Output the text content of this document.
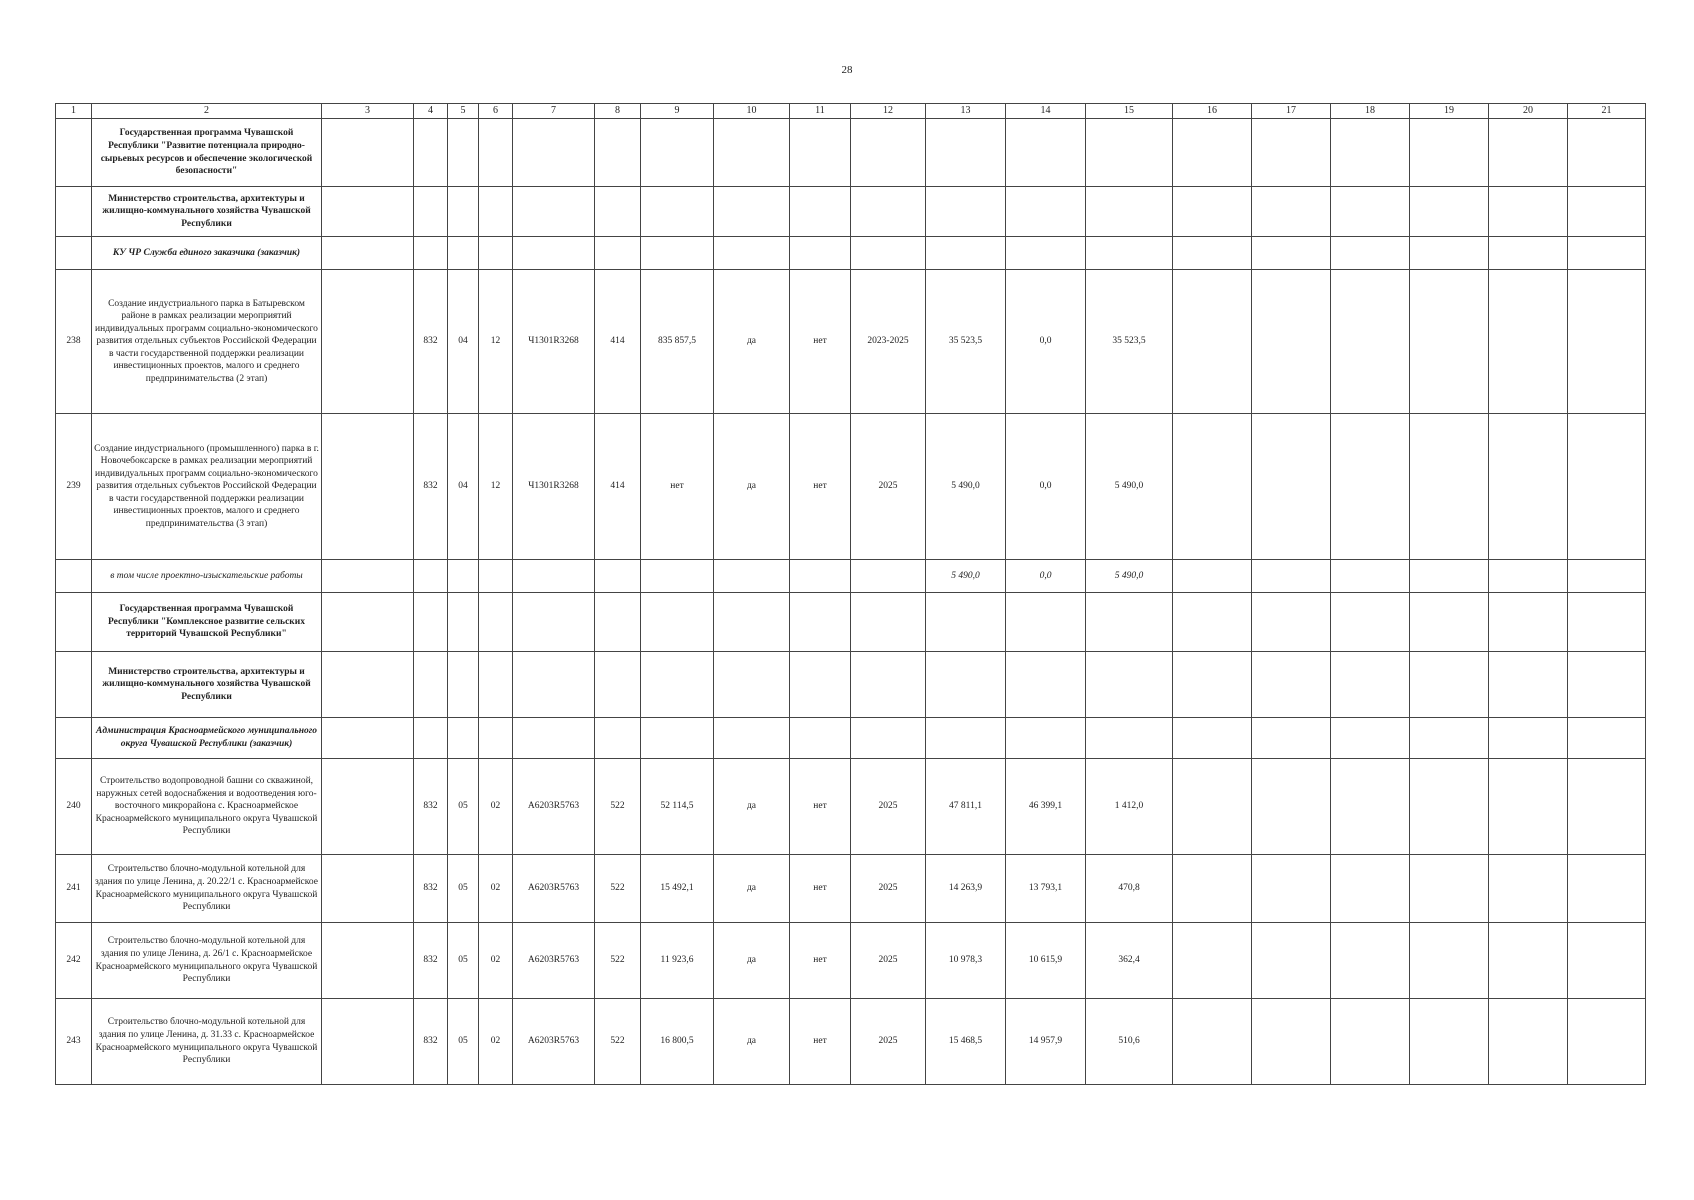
28
1	2	3	4	5	6	7	8	9	10	11	12	13	14	15	16	17	18	19	20	21
	Государственная программа Чувашской Республики "Развитие потенциала природно-сырьевых ресурсов и обеспечение экологической безопасности"																			
	Министерство строительства, архитектуры и жилищно-коммунального хозяйства Чувашской Республики																			
	КУ ЧР Служба единого заказчика (заказчик)																			
238	Создание индустриального парка в Батыревском районе в рамках реализации мероприятий индивидуальных программ социально-экономического развития отдельных субъектов Российской Федерации в части государственной поддержки реализации инвестиционных проектов, малого и среднего предпринимательства (2 этап)		832	04	12	Ч1301R3268	414	835 857,5	да	нет	2023-2025	35 523,5	0,0	35 523,5						
239	Создание индустриального (промышленного) парка в г. Новочебоксарске в рамках реализации мероприятий индивидуальных программ социально-экономического развития отдельных субъектов Российской Федерации в части государственной поддержки реализации инвестиционных проектов, малого и среднего предпринимательства (3 этап)		832	04	12	Ч1301R3268	414	нет	да	нет	2025	5 490,0	0,0	5 490,0						
	в том числе проектно-изыскательские работы											5 490,0	0,0	5 490,0						
	Государственная программа Чувашской Республики "Комплексное развитие сельских территорий Чувашской Республики"																			
	Министерство строительства, архитектуры и жилищно-коммунального хозяйства Чувашской Республики																			
	Администрация Красноармейского муниципального округа Чувашской Республики (заказчик)																			
240	Строительство водопроводной башни со скважиной, наружных сетей водоснабжения и водоотведения юго-восточного микрорайона с. Красноармейское Красноармейского муниципального округа Чувашской Республики		832	05	02	А6203R5763	522	52 114,5	да	нет	2025	47 811,1	46 399,1	1 412,0						
241	Строительство блочно-модульной котельной для здания по улице Ленина, д. 20.22/1 с. Красноармейское Красноармейского муниципального округа Чувашской Республики		832	05	02	А6203R5763	522	15 492,1	да	нет	2025	14 263,9	13 793,1	470,8						
242	Строительство блочно-модульной котельной для здания по улице Ленина, д. 26/1 с. Красноармейское Красноармейского муниципального округа Чувашской Республики		832	05	02	А6203R5763	522	11 923,6	да	нет	2025	10 978,3	10 615,9	362,4						
243	Строительство блочно-модульной котельной для здания по улице Ленина, д. 31.33 с. Красноармейское Красноармейского муниципального округа Чувашской Республики		832	05	02	А6203R5763	522	16 800,5	да	нет	2025	15 468,5	14 957,9	510,6						
